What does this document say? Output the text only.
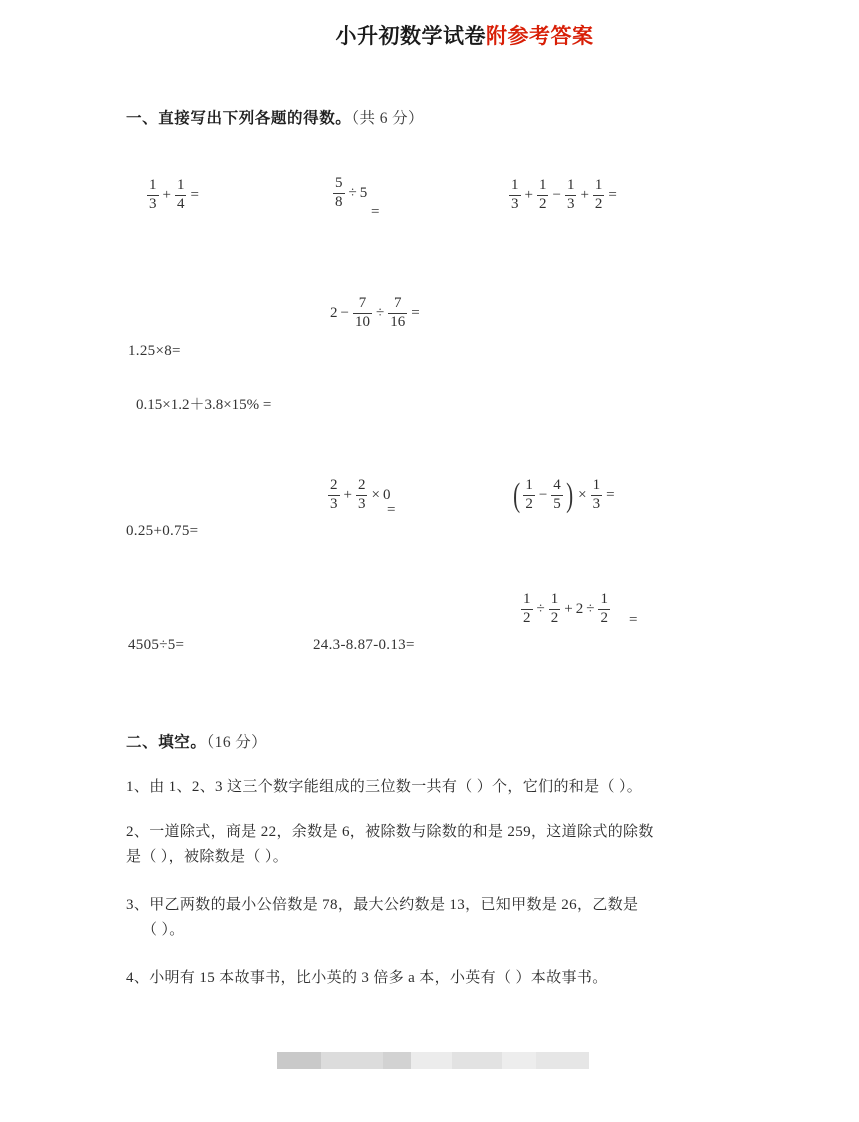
小升初数学试卷附参考答案
一、直接写出下列各题的得数。（共 6 分）
$\frac{1}{3} + \frac{1}{4}$ =	$\frac{5}{8} \div 5$
=	$\frac{1}{3} + \frac{1}{2} - \frac{1}{3} + \frac{1}{2}$ =
$2 - \frac{7}{10} \div \frac{7}{16}$ =
1.25×8=
0.15×1.2＋3.8×15% =
$\frac{2}{3} + \frac{2}{3} \times 0$
=	( $\frac{1}{2} - \frac{4}{5}$ ) × $\frac{1}{3}$ =
0.25+0.75=
$\frac{1}{2} \div \frac{1}{2} + 2 \div \frac{1}{2}$ =
4505÷5=	24.3-8.87-0.13=
二、填空。（16 分）
1、由 1、2、3 这三个数字能组成的三位数一共有（ ）个，它们的和是（ ）。
2、一道除式，商是 22，余数是 6，被除数与除数的和是 259，这道除式的除数
是（ ），被除数是（ ）。
3、甲乙两数的最小公倍数是 78，最大公约数是 13，已知甲数是 26，乙数是
（ ）。
4、小明有 15 本故事书，比小英的 3 倍多 a 本，小英有（ ）本故事书。
